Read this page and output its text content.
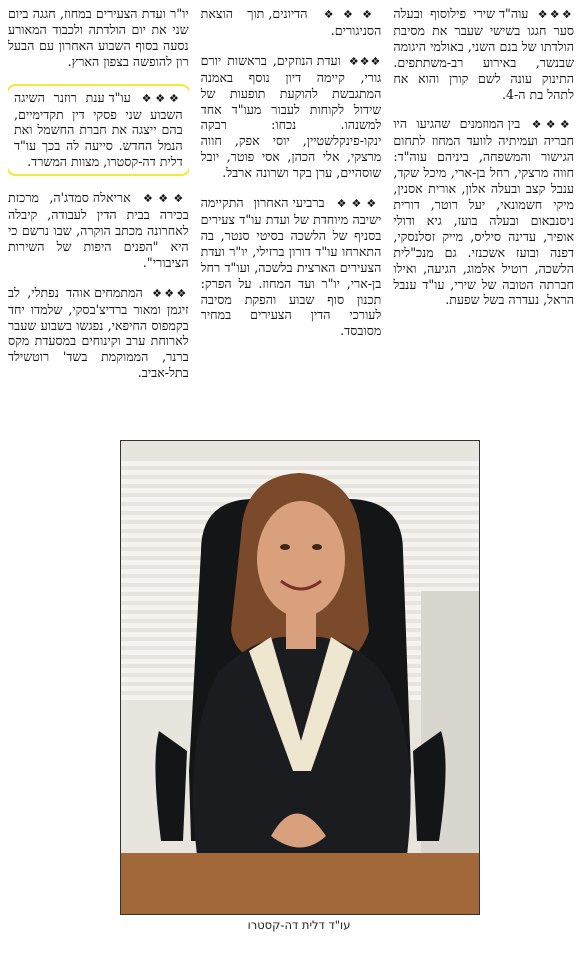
❖❖❖ עוה"ד שירי פילוסוף ובעלה סער חגגו בשישי שעבר את מסיבת הולדתו של בנם השני, באולמי היגומה שבנשר, באירוע רב-משתתפים. התינוק עונה לשם קורן והוא אח לתהל בת ה-4.

❖❖❖ בין המוזמנים שהגיעו היו חבריה ועמיתיה לוועד המחוז לתחום הגישור והמשפחה, ביניהם עוה"ד: חווה מרצקי, רחל בן-ארי, מיכל שקד, ענבל קצב ובעלה אלון, אורית אסנין, מיקי חשמונאי, יעל רוטר, דורית ניסנבאום ובעלה בועז, גיא ודולי אופיר, עדינה סיליס, מייק זסלנסקי, דפנה ובועז אשכנזי. גם מנכ"לית הלשכה, רוטיל אלמוג, הגיעה, ואילו חברתה הטובה של שירי, עו"ד ענבל הראל, נעדרה בשל שפעת.

❖❖❖ הדיונים, תוך הוצאת הסניגורים.

❖❖❖ ועדת הנוזקים, בראשות יורם גורי, קיימה דיון נוסף באמנה המתגבשת להוקעת תופעות של שידול לקוחות לעבור מעו"ד אחד למשנהו. נכחו: רבקה ינקו-פינקלשטיין, יוסי אפק, חווה מרצקי, אלי הכהן, אסי פוטר, יובל שוסהיים, ערן בקר ושרונה ארבל.

❖❖❖ ברביעי האחרון התקיימה ישיבה מיוחדת של ועדת עו"ד צעירים בסניף של הלשכה בסיטי סנטר, בה התארחו עו"ד דורון ברזילי, יו"ר ועדת הצעירים הארצית בלשכה, ועו"ד רחל בן-ארי, יו"ר ועד המחוז. על הפרק: תכנון סוף שבוע והפקת מסיבה לעורכי הדין הצעירים במחיר מסובסד.

יו"ר ועדת הצעירים במחוז, חגגה ביום שני את יום הולדתה ולכבוד המאורע נסעה בסוף השבוע האחרון עם הבעל רון להופשה בצפון הארץ.

❖❖❖ עו"ד ענת רוזנר השיגה השבוע שני פסקי דין תקדימיים, בהם ייצגה את חברת החשמל ואת הנמל החדש. סייעה לה בכך עו"ד דלית דה-קסטרו, מצוות המשרד.

❖❖❖ אריאלה סמדג'ה, מרכזת בכירה בבית הדין לעבודה, קיבלה לאחרונה מכתב הוקרה, שבו נרשם כי היא "הפנים היפות של השירות הציבורי".

❖❖❖ המתמחים אוהד נפתלי, לב זיגמן ומאור ברדיצ'בסקי, שלמדו יחד בקמפוס החיפאי, נפגשו בשבוע שעבר לארוחת ערב וקינוחים במסעדת מקס ברנר, הממוקמת בשד' רוטשילד בתל-אביב.

עו"ד דלית דה-קסטרו
